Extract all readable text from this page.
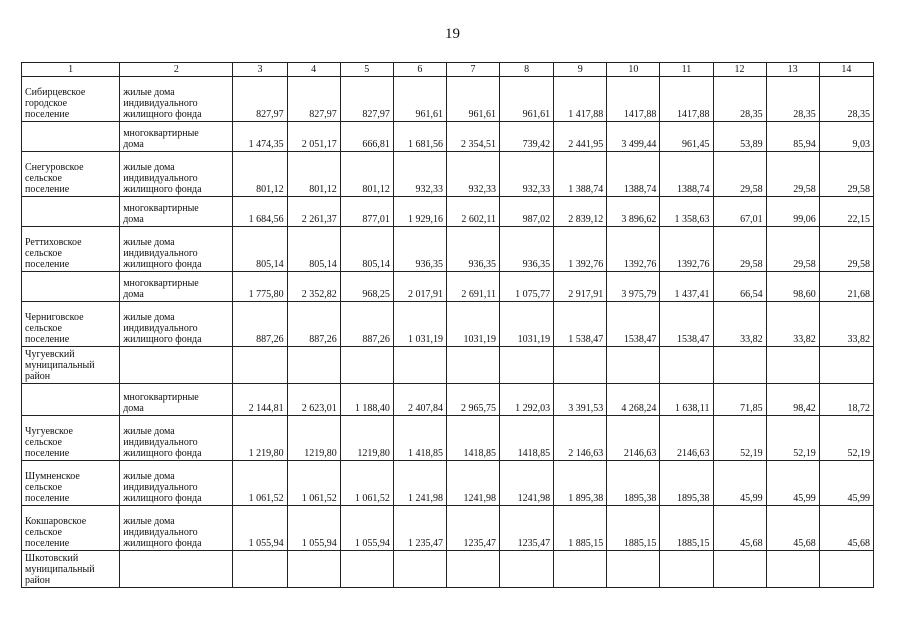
19
1	2	3	4	5	6	7	8	9	10	11	12	13	14
Сибирцевское
городское
поселение	жилые дома
индивидуального
жилищного фонда	827,97	827,97	827,97	961,61	961,61	961,61	1 417,88	1417,88	1417,88	28,35	28,35	28,35
	многоквартирные
дома	1 474,35	2 051,17	666,81	1 681,56	2 354,51	739,42	2 441,95	3 499,44	961,45	53,89	85,94	9,03
Снегуровское
сельское
поселение	жилые дома
индивидуального
жилищного фонда	801,12	801,12	801,12	932,33	932,33	932,33	1 388,74	1388,74	1388,74	29,58	29,58	29,58
	многоквартирные
дома	1 684,56	2 261,37	877,01	1 929,16	2 602,11	987,02	2 839,12	3 896,62	1 358,63	67,01	99,06	22,15
Реттиховское
сельское
поселение	жилые дома
индивидуального
жилищного фонда	805,14	805,14	805,14	936,35	936,35	936,35	1 392,76	1392,76	1392,76	29,58	29,58	29,58
	многоквартирные
дома	1 775,80	2 352,82	968,25	2 017,91	2 691,11	1 075,77	2 917,91	3 975,79	1 437,41	66,54	98,60	21,68
Черниговское
сельское
поселение	жилые дома
индивидуального
жилищного фонда	887,26	887,26	887,26	1 031,19	1031,19	1031,19	1 538,47	1538,47	1538,47	33,82	33,82	33,82
Чугуевский
муниципальный
район													
	многоквартирные
дома	2 144,81	2 623,01	1 188,40	2 407,84	2 965,75	1 292,03	3 391,53	4 268,24	1 638,11	71,85	98,42	18,72
Чугуевское
сельское
поселение	жилые дома
индивидуального
жилищного фонда	1 219,80	1219,80	1219,80	1 418,85	1418,85	1418,85	2 146,63	2146,63	2146,63	52,19	52,19	52,19
Шумненское
сельское
поселение	жилые дома
индивидуального
жилищного фонда	1 061,52	1 061,52	1 061,52	1 241,98	1241,98	1241,98	1 895,38	1895,38	1895,38	45,99	45,99	45,99
Кокшаровское
сельское
поселение	жилые дома
индивидуального
жилищного фонда	1 055,94	1 055,94	1 055,94	1 235,47	1235,47	1235,47	1 885,15	1885,15	1885,15	45,68	45,68	45,68
Шкотовский
муниципальный
район													
